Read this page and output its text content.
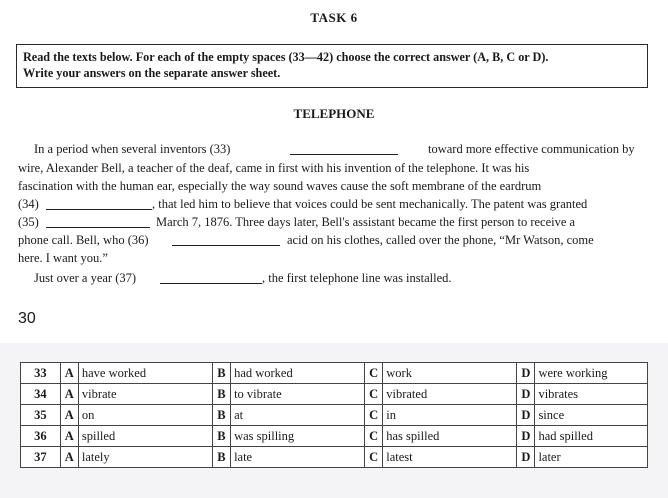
TASK 6
Read the texts below. For each of the empty spaces (33—42) choose the correct answer (A, B, C or D).
Write your answers on the separate answer sheet.
TELEPHONE
In a period when several inventors (33)	toward more effective communication by
wire, Alexander Bell, a teacher of the deaf, came in first with his invention of the telephone. It was his
fascination with the human ear, especially the way sound waves cause the soft membrane of the eardrum
(34)	, that led him to believe that voices could be sent mechanically. The patent was granted
(35)	March 7, 1876. Three days later, Bell's assistant became the first person to receive a
phone call. Bell, who (36)	acid on his clothes, called over the phone, “Mr Watson, come
here. I want you.”
Just over a year (37)	, the first telephone line was installed.
30
33	A	have worked	B	had worked	C	work	D	were working
34	A	vibrate	B	to vibrate	C	vibrated	D	vibrates
35	A	on	B	at	C	in	D	since
36	A	spilled	B	was spilling	C	has spilled	D	had spilled
37	A	lately	B	late	C	latest	D	later
